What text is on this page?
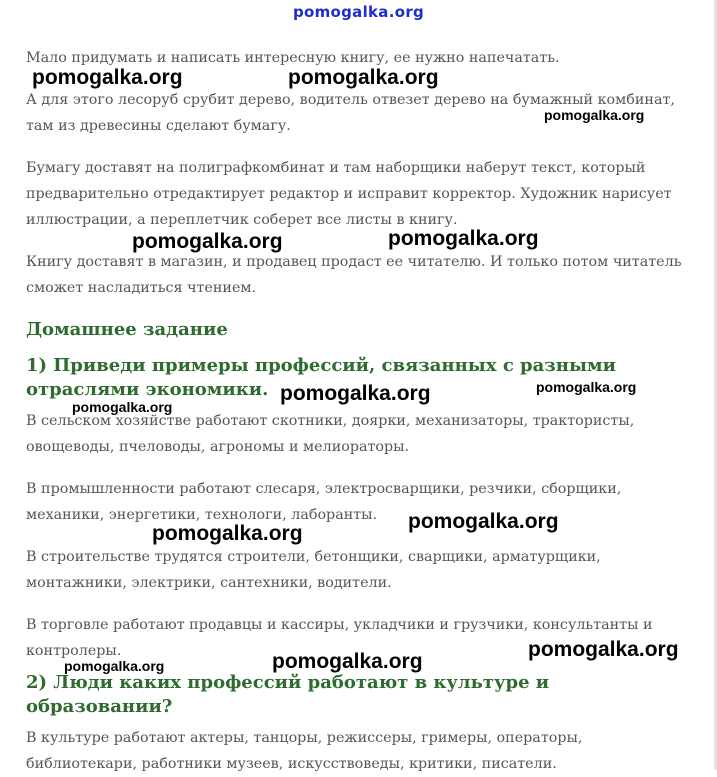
pomogalka.org

Мало придумать и написать интересную книгу, ее нужно напечатать.

А для этого лесоруб срубит дерево, водитель отвезет дерево на бумажный комбинат, там из древесины сделают бумагу.

Бумагу доставят на полиграфкомбинат и там наборщики наберут текст, который предварительно отредактирует редактор и исправит корректор. Художник нарисует иллюстрации, а переплетчик соберет все листы в книгу.

Книгу доставят в магазин, и продавец продаст ее читателю. И только потом читатель сможет насладиться чтением.

Домашнее задание
1) Приведи примеры профессий, связанных с разными отраслями экономики.

В сельском хозяйстве работают скотники, доярки, механизаторы, трактористы, овощеводы, пчеловоды, агрономы и мелиораторы.

В промышленности работают слесаря, электросварщики, резчики, сборщики, механики, энергетики, технологи, лаборанты.

В строительстве трудятся строители, бетонщики, сварщики, арматурщики, монтажники, электрики, сантехники, водители.

В торговле работают продавцы и кассиры, укладчики и грузчики, консультанты и контролеры.

2) Люди каких профессий работают в культуре и образовании?

В культуре работают актеры, танцоры, режиссеры, гримеры, операторы, библиотекари, работники музеев, искусствоведы, критики, писатели.

pomogalka.org	pomogalka.org
pomogalka.org
pomogalka.org	pomogalka.org
pomogalka.org	pomogalka.org
pomogalka.org
pomogalka.org
pomogalka.org
pomogalka.org
pomogalka.org
pomogalka.org
